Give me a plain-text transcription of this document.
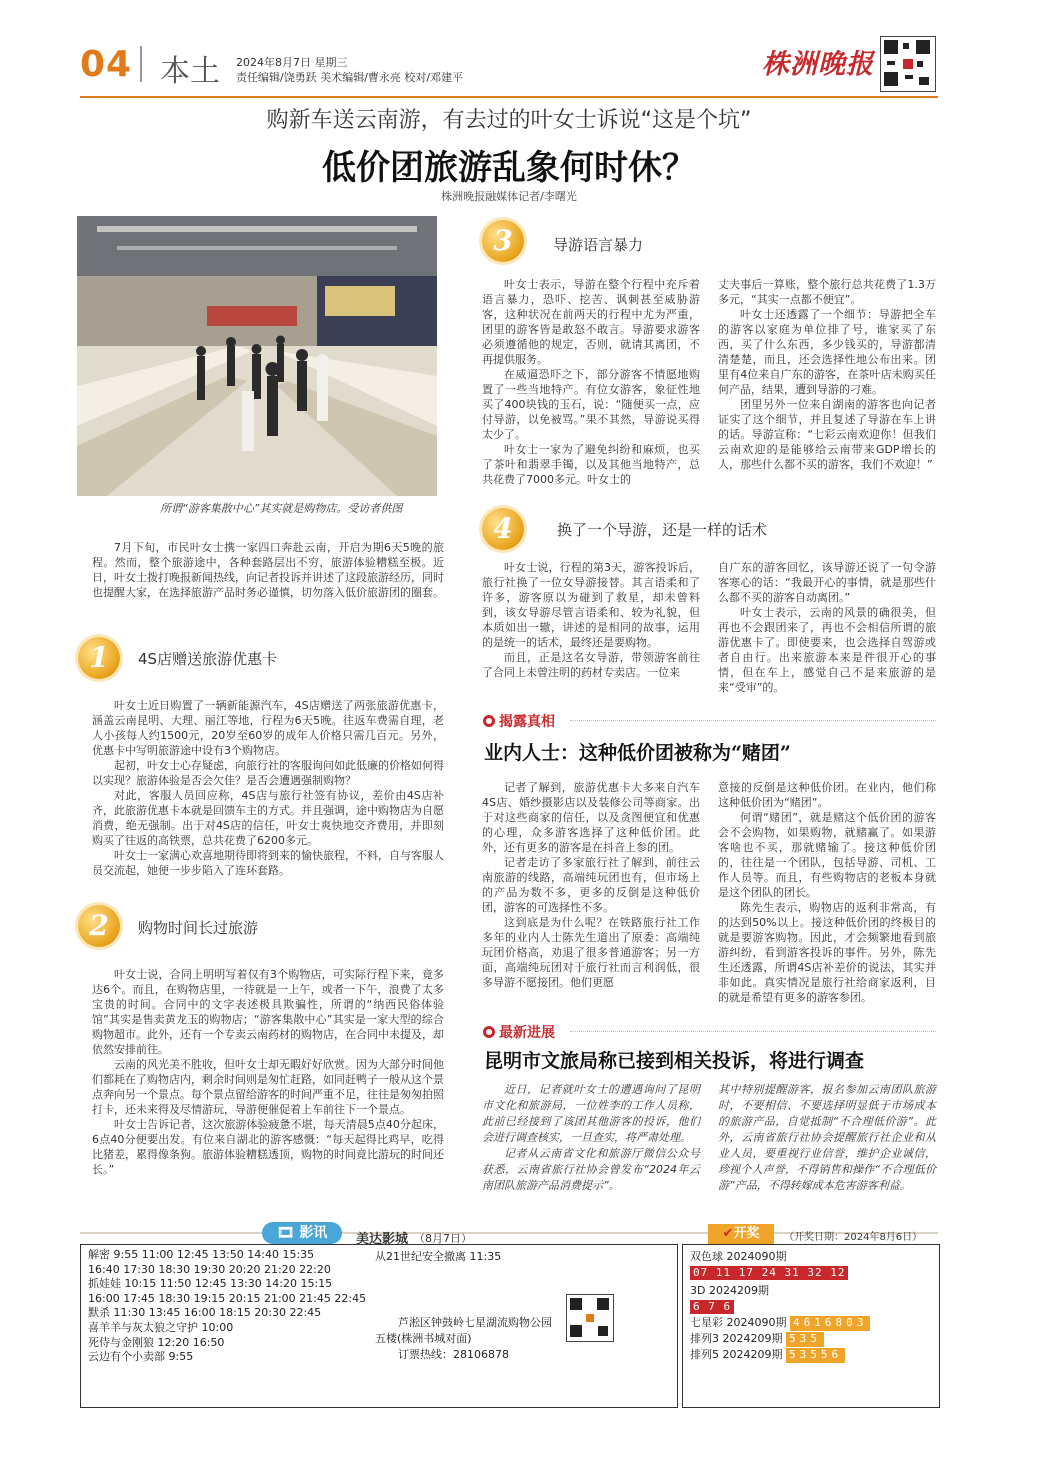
04 本土 2024年8月7日 星期三
责任编辑/饶勇跃 美术编辑/曹永亮 校对/邓建平	株洲晚报
购新车送云南游，有去过的叶女士诉说“这是个坑”
低价团旅游乱象何时休？
株洲晚报融媒体记者/李曙光
所谓“游客集散中心”其实就是购物店。受访者供图

7月下旬，市民叶女士携一家四口奔赴云南，开启为期6天5晚的旅程。然而，整个旅游途中，各种套路层出不穷，旅游体验糟糕至极。近日，叶女士拨打晚报新闻热线，向记者投诉并讲述了这段旅游经历，同时也提醒大家，在选择旅游产品时务必谨慎，切勿落入低价旅游团的圈套。

1	4S店赠送旅游优惠卡

叶女士近日购置了一辆新能源汽车，4S店赠送了两张旅游优惠卡，涵盖云南昆明、大理、丽江等地，行程为6天5晚。往返车费需自理，老人小孩每人约1500元，20岁至60岁的成年人价格只需几百元。另外，优惠卡中写明旅游途中设有3个购物店。

起初，叶女士心存疑虑，向旅行社的客服询问如此低廉的价格如何得以实现？旅游体验是否会欠佳？是否会遭遇强制购物？

对此，客服人员回应称，4S店与旅行社签有协议，差价由4S店补齐，此旅游优惠卡本就是回馈车主的方式。并且强调，途中购物店为自愿消费，绝无强制。出于对4S店的信任，叶女士爽快地交齐费用，并即刻购买了往返的高铁票，总共花费了6200多元。

叶女士一家满心欢喜地期待即将到来的愉快旅程，不料，自与客服人员交流起，她便一步步陷入了连环套路。

2	购物时间长过旅游

叶女士说，合同上明明写着仅有3个购物店，可实际行程下来，竟多达6个。而且，在购物店里，一待就是一上午，或者一下午，浪费了太多宝贵的时间。合同中的文字表述极具欺骗性，所谓的“纳西民俗体验馆”其实是售卖黄龙玉的购物店；“游客集散中心”其实是一家大型的综合购物超市。此外，还有一个专卖云南药材的购物店，在合同中未提及，却依然安排前往。

云南的风光美不胜收，但叶女士却无暇好好欣赏。因为大部分时间他们都耗在了购物店内，剩余时间则是匆忙赶路，如同赶鸭子一般从这个景点奔向另一个景点。每个景点留给游客的时间严重不足，往往是匆匆拍照打卡，还未来得及尽情游玩，导游便催促着上车前往下一个景点。

叶女士告诉记者，这次旅游体验疲惫不堪，每天清晨5点40分起床，6点40分便要出发。有位来自湖北的游客感慨：“每天起得比鸡早，吃得比猪差，累得像条狗。旅游体验糟糕透顶，购物的时间竟比游玩的时间还长。”

3	导游语言暴力

叶女士表示，导游在整个行程中充斥着语言暴力，恐吓、挖苦、讽刺甚至威胁游客，这种状况在前两天的行程中尤为严重，团里的游客皆是敢怒不敢言。导游要求游客必须遵循他的规定，否则，就请其离团，不再提供服务。

在威逼恐吓之下，部分游客不情愿地购置了一些当地特产。有位女游客，象征性地买了400块钱的玉石，说：“随便买一点，应付导游，以免被骂。”果不其然，导游说买得太少了。

叶女士一家为了避免纠纷和麻烦，也买了茶叶和翡翠手镯，以及其他当地特产，总共花费了7000多元。叶女士的

丈夫事后一算账，整个旅行总共花费了1.3万多元，“其实一点都不便宜”。

叶女士还透露了一个细节：导游把全车的游客以家庭为单位排了号，谁家买了东西，买了什么东西，多少钱买的，导游都清清楚楚，而且，还会选择性地公布出来。团里有4位来自广东的游客，在茶叶店未购买任何产品，结果，遭到导游的刁难。

团里另外一位来自湖南的游客也向记者证实了这个细节，并且复述了导游在车上讲的话。导游宣称：“七彩云南欢迎你！但我们云南欢迎的是能够给云南带来GDP增长的人，那些什么都不买的游客，我们不欢迎！”

4	换了一个导游，还是一样的话术

叶女士说，行程的第3天，游客投诉后，旅行社换了一位女导游接替。其言语柔和了许多，游客原以为碰到了救星，却未曾料到，该女导游尽管言语柔和、较为礼貌，但本质如出一辙，讲述的是相同的故事，运用的是统一的话术，最终还是要购物。

而且，正是这名女导游，带领游客前往了合同上未曾注明的药材专卖店。一位来

自广东的游客回忆，该导游还说了一句令游客寒心的话：“我最开心的事情，就是那些什么都不买的游客自动离团。”

叶女士表示，云南的风景的确很美，但再也不会跟团来了，再也不会相信所谓的旅游优惠卡了。即使要来，也会选择自驾游或者自由行。出来旅游本来是件很开心的事情，但在车上，感觉自己不是来旅游的是来“受审”的。

揭露真相
业内人士：这种低价团被称为“赌团”

记者了解到，旅游优惠卡大多来自汽车4S店、婚纱摄影店以及装修公司等商家。出于对这些商家的信任，以及贪图便宜和优惠的心理，众多游客选择了这种低价团。此外，还有更多的游客是在抖音上参的团。

记者走访了多家旅行社了解到，前往云南旅游的线路，高端纯玩团也有，但市场上的产品为数不多，更多的反倒是这种低价团，游客的可选择性不多。

这到底是为什么呢？在铁路旅行社工作多年的业内人士陈先生道出了原委：高端纯玩团价格高，劝退了很多普通游客；另一方面，高端纯玩团对于旅行社而言利润低，很多导游不愿接团。他们更愿

意接的反倒是这种低价团。在业内，他们称这种低价团为“赌团”。

何谓“赌团”，就是赌这个低价团的游客会不会购物，如果购物，就赌赢了。如果游客啥也不买，那就赌输了。接这种低价团的，往往是一个团队，包括导游、司机、工作人员等。而且，有些购物店的老板本身就是这个团队的团长。

陈先生表示，购物店的返利非常高，有的达到50%以上。接这种低价团的终极目的就是要游客购物。因此，才会频繁地看到旅游纠纷，看到游客投诉的事件。另外，陈先生还透露，所谓4S店补差价的说法，其实并非如此。真实情况是旅行社给商家返利，目的就是希望有更多的游客参团。

最新进展
昆明市文旅局称已接到相关投诉，将进行调查

近日，记者就叶女士的遭遇询问了昆明市文化和旅游局，一位姓李的工作人员称，此前已经接到了该团其他游客的投诉，他们会进行调查核实，一旦查实，将严肃处理。

记者从云南省文化和旅游厅微信公众号获悉，云南省旅行社协会曾发布“2024年云南团队旅游产品消费提示”。

其中特别提醒游客，报名参加云南团队旅游时，不要相信、不要选择明显低于市场成本的旅游产品，自觉抵制“不合理低价游”。此外，云南省旅行社协会提醒旅行社企业和从业人员，要重视行业信誉，维护企业诚信，珍视个人声誉，不得销售和操作“不合理低价游”产品，不得转嫁成本危害游客利益。

🎞 影讯	美达影城 （8月7日）
解密 9:55 11:00 12:45 13:50 14:40 15:35
16:40 17:30 18:30 19:30 20:20 21:20 22:20
抓娃娃 10:15 11:50 12:45 13:30 14:20 15:15
16:00 17:45 18:30 19:15 20:15 21:00 21:45 22:45
默杀 11:30 13:45 16:00 18:15 20:30 22:45
喜羊羊与灰太狼之守护 10:00
死侍与金刚狼 12:20 16:50
云边有个小卖部 9:55
从21世纪安全撤离 11:35
芦淞区钟鼓岭七星湖流购物公园
五楼(株洲书城对面)
订票热线：28106878
✔开奖	（开奖日期：2024年8月6日）
双色球 2024090期
07 11 17 24 31 32 12
3D 2024209期
6 7 6
七星彩 2024090期 4616803
排列3 2024209期 535
排列5 2024209期 53556
